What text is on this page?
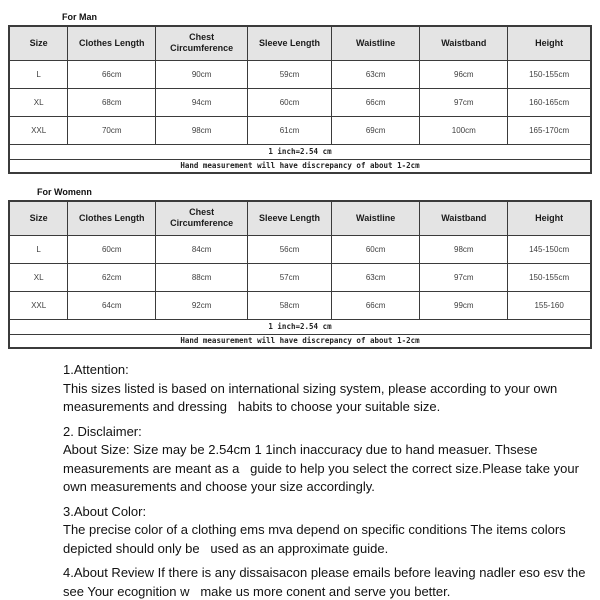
For Man
Size	Clothes Length	Chest Circumference	Sleeve Length	Waistline	Waistband	Height
L	66cm	90cm	59cm	63cm	96cm	150-155cm
XL	68cm	94cm	60cm	66cm	97cm	160-165cm
XXL	70cm	98cm	61cm	69cm	100cm	165-170cm
1 inch=2.54 cm						
Hand measurement will have discrepancy of about 1-2cm						
For Womenn
Size	Clothes Length	Chest Circumference	Sleeve Length	Waistline	Waistband	Height
L	60cm	84cm	56cm	60cm	98cm	145-150cm
XL	62cm	88cm	57cm	63cm	97cm	150-155cm
XXL	64cm	92cm	58cm	66cm	99cm	155-160
1 inch=2.54 cm						
Hand measurement will have discrepancy of about 1-2cm						
1.Attention:
This sizes listed is based on international sizing system, please according to your own measurements and dressing   habits to choose your suitable size.
2. Disclaimer:
About Size: Size may be 2.54cm 1 1inch inaccuracy due to hand measuer. Thsese measurements are meant as a   guide to help you select the correct size.Please take your own measurements and choose your size accordingly.
3.About Color:
The precise color of a clothing ems mva depend on specific conditions The items colors depicted should only be   used as an approximate guide.
4.About Review If there is any dissaisacon please emails before leaving nadler eso esv the see Your ecognition w   make us more conent and serve you better.
